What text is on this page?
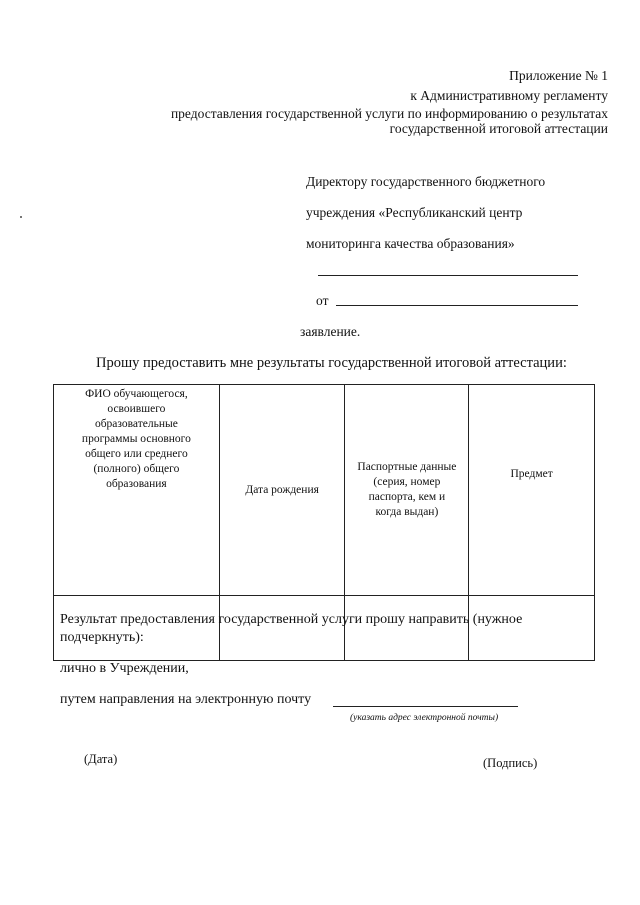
Приложение № 1
к Административному регламенту
предоставления государственной услуги по информированию о результатах
государственной итоговой аттестации
Директору государственного бюджетного
учреждения «Республиканский центр
мониторинга качества образования»
от
заявление.
Прошу предоставить мне результаты государственной итоговой аттестации:
ФИО обучающегося, освоившего образовательные программы основного общего или среднего (полного) общего образования	Дата рождения	Паспортные данные (серия, номер паспорта, кем и когда выдан)	Предмет

Результат предоставления государственной услуги прошу направить (нужное
подчеркнуть):
лично в Учреждении,
путем направления на электронную почту
(указать адрес электронной почты)
(Дата)	(Подпись)
